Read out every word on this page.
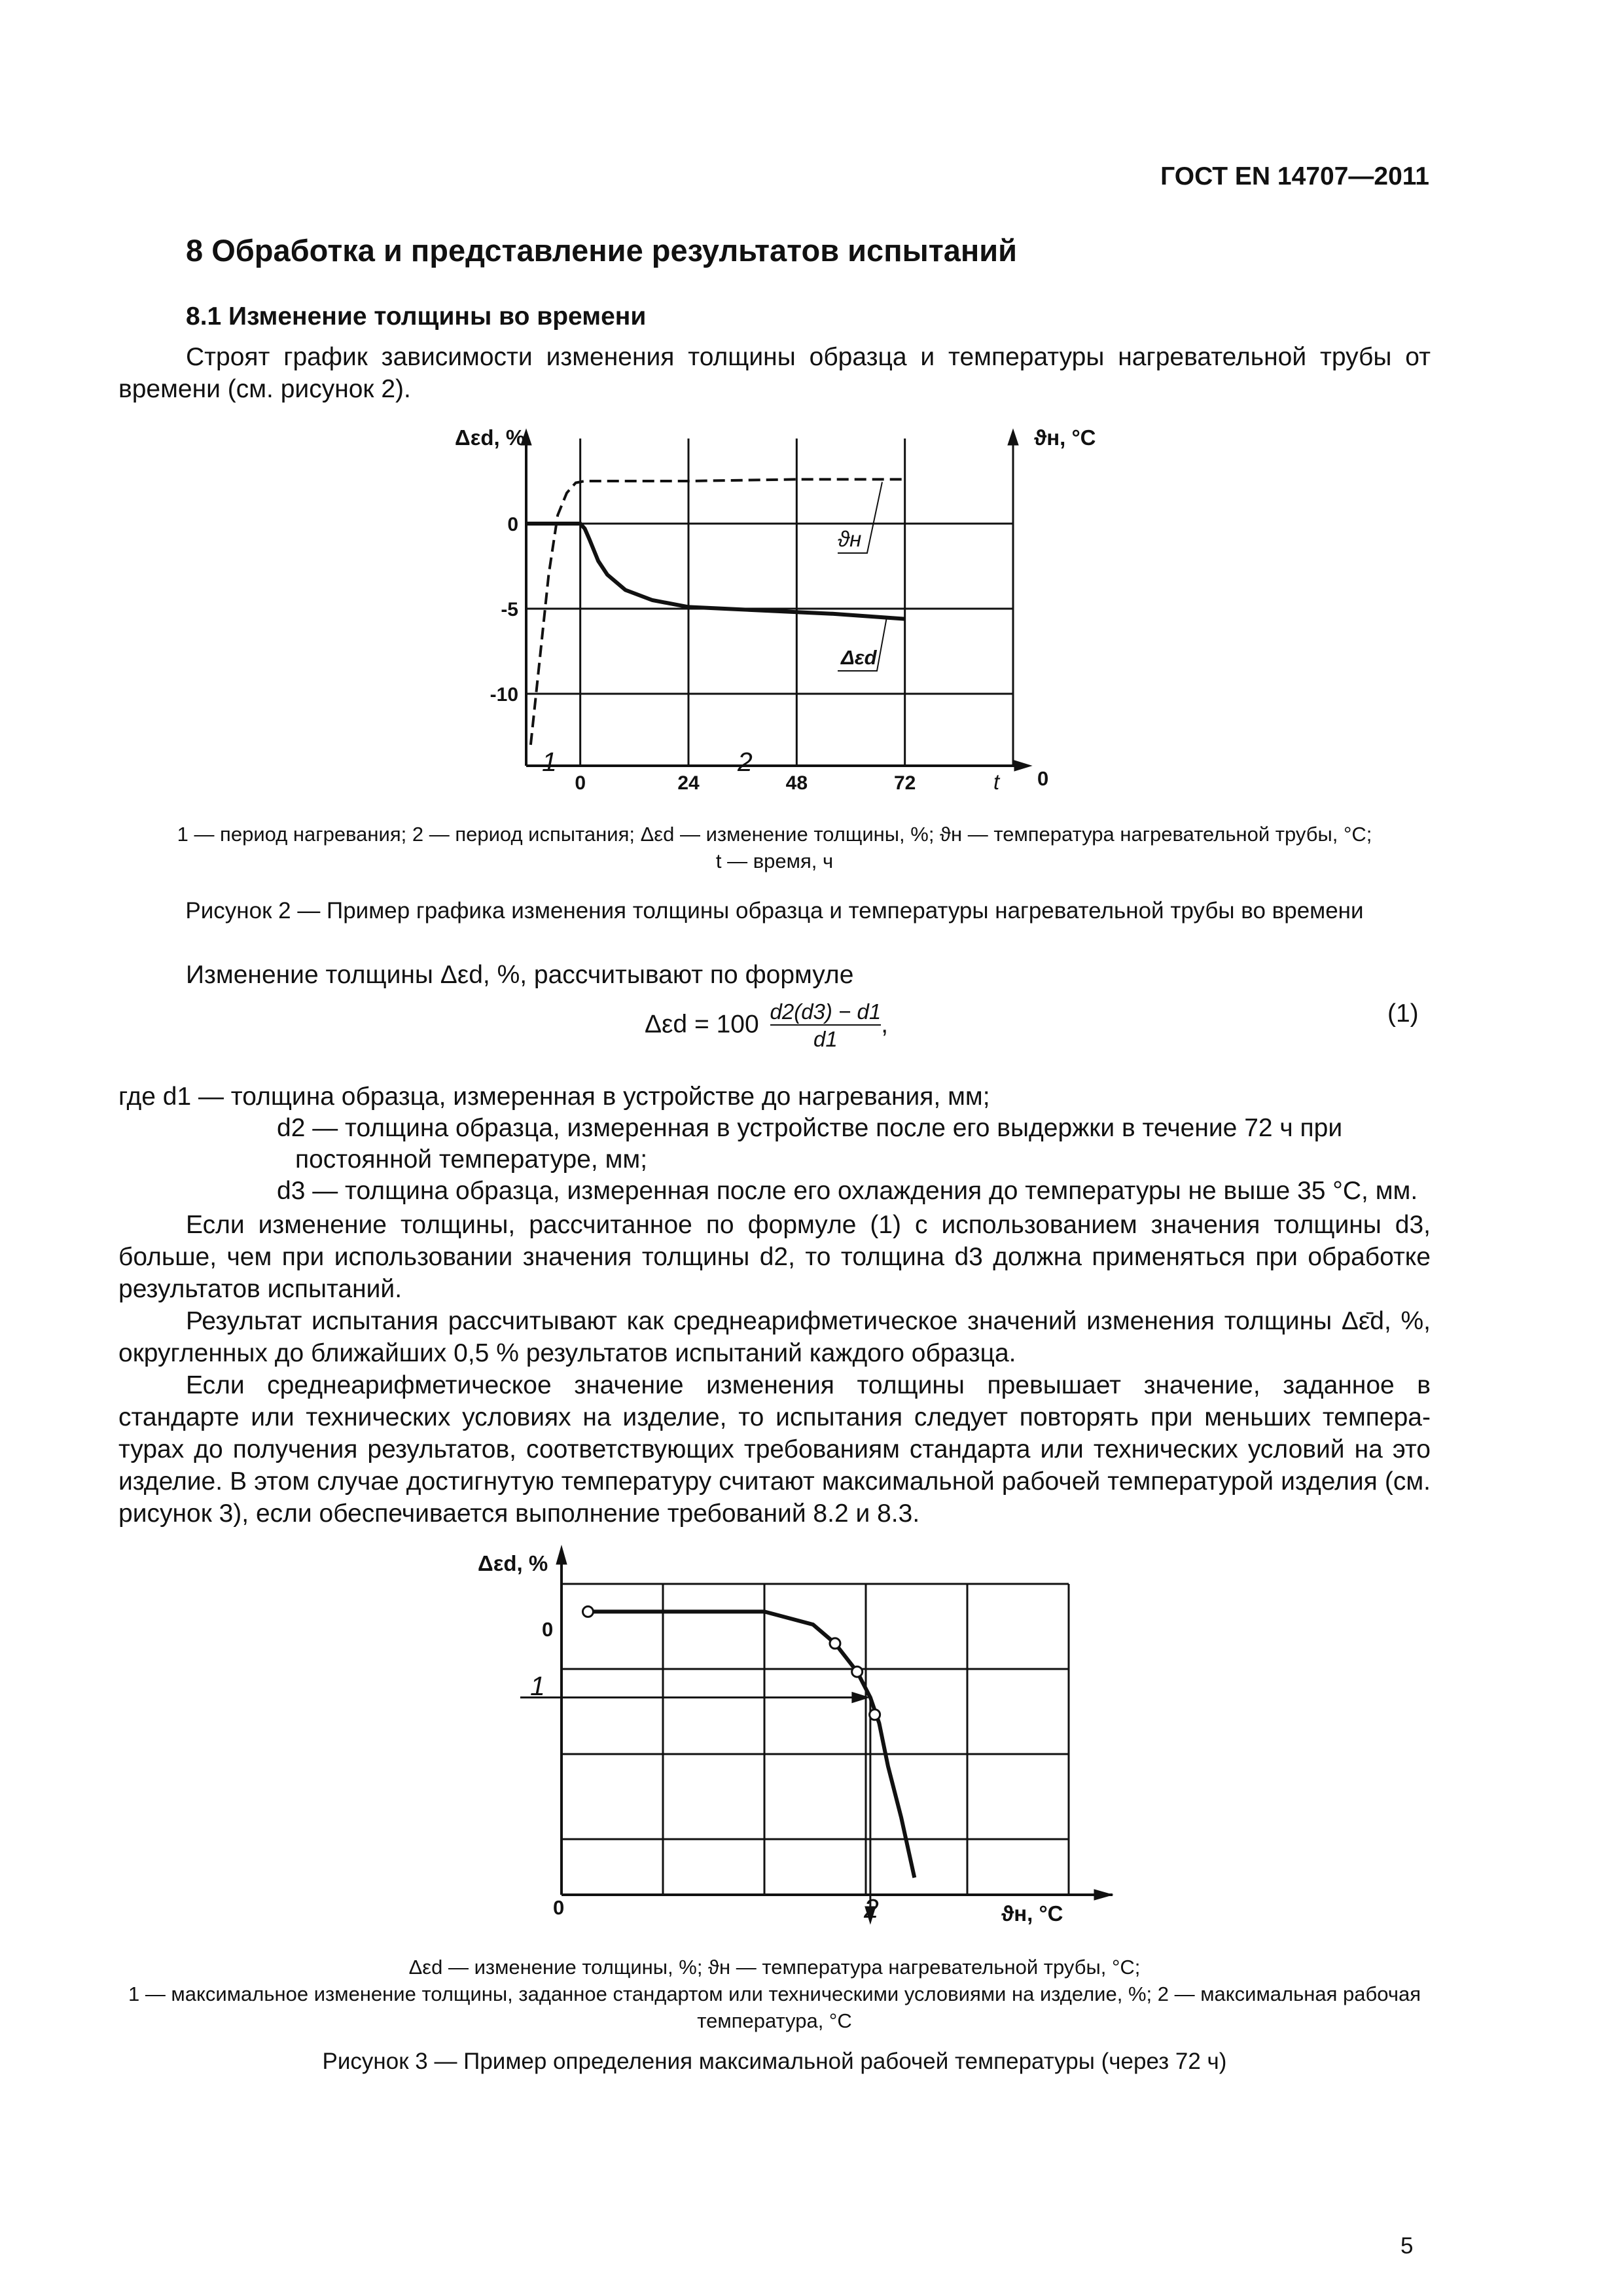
ГОСТ EN 14707—2011
8 Обработка и представление результатов испытаний
8.1 Изменение толщины во времени
Строят график зависимости изменения толщины образца и температуры нагревательной трубы от времени (см. рисунок 2).
0	24	48	72	t
0
-5
-10
Δεd, %	ϑн, °C
0
ϑн
Δεd
1	2
1 — период нагревания; 2 — период испытания; Δεd — изменение толщины, %; ϑн — температура нагревательной трубы, °С;
t — время, ч
Рисунок 2 — Пример графика изменения толщины образца и температуры нагревательной трубы во времени
Изменение толщины Δεd, %, рассчитывают по формуле
$\Delta\varepsilon d = 100 \frac{d2(d3) - d1}{d1}$ ,	(1)
где d1 — толщина образца, измеренная в устройстве до нагревания, мм;
d2 — толщина образца, измеренная в устройстве после его выдержки в течение 72 ч при постоянной температуре, мм;
d3 — толщина образца, измеренная после его охлаждения до температуры не выше 35 °С, мм.
Если изменение толщины, рассчитанное по формуле (1) с использованием значения толщины d3, больше, чем при использовании значения толщины d2, то толщина d3 должна применяться при обработке результатов испытаний.
Результат испытания рассчитывают как среднеарифметическое значений изменения толщины Δε̄d, %, округленных до ближайших 0,5 % результатов испытаний каждого образца.
Если среднеарифметическое значение изменения толщины превышает значение, заданное в стандарте или технических условиях на изделие, то испытания следует повторять при меньших температурах до получения результатов, соответствующих требованиям стандарта или технических условий на это изделие. В этом случае достигнутую температуру считают максимальной рабочей температурой изделия (см. рисунок 3), если обеспечивается выполнение требований 8.2 и 8.3.
Δεd, %
0
0	ϑн, °C
1
2
Δεd — изменение толщины, %; ϑн — температура нагревательной трубы, °С;
1 — максимальное изменение толщины, заданное стандартом или техническими условиями на изделие, %; 2 — максимальная рабочая температура, °С
Рисунок 3 — Пример определения максимальной рабочей температуры (через 72 ч)
5
